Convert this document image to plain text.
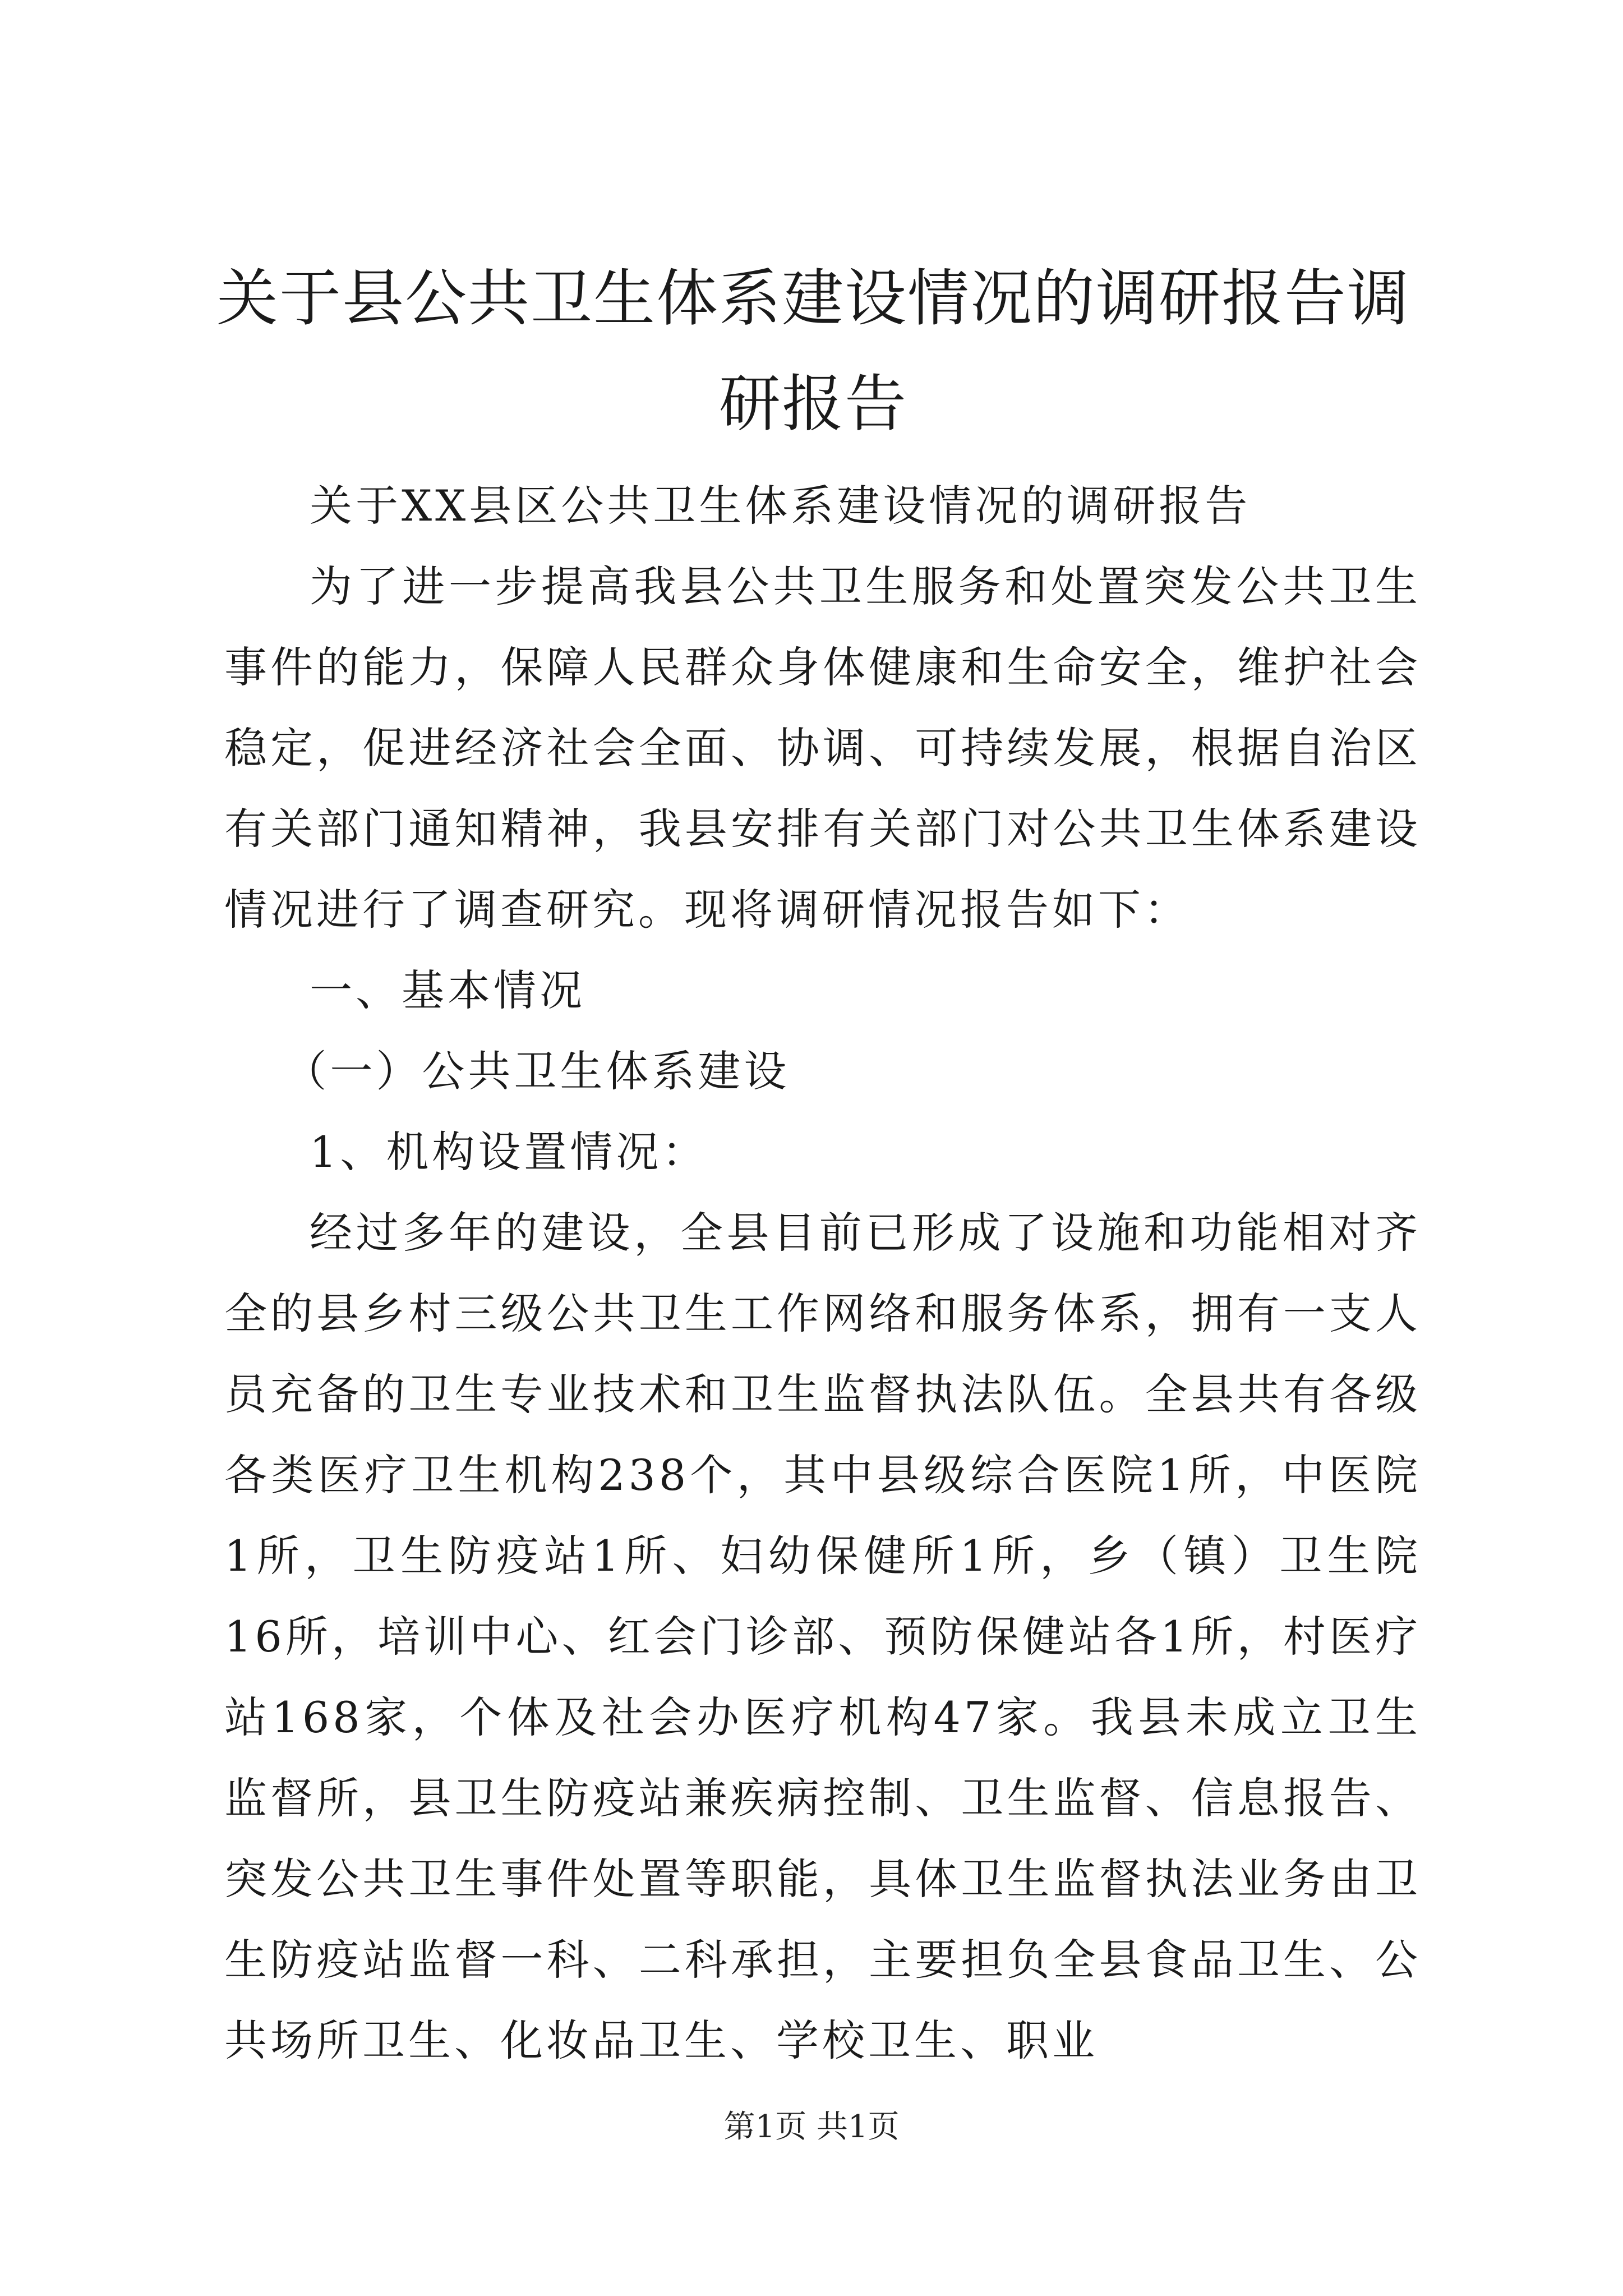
关于县公共卫生体系建设情况的调研报告调研报告

关于XX县区公共卫生体系建设情况的调研报告

为了进一步提高我县公共卫生服务和处置突发公共卫生事件的能力，保障人民群众身体健康和生命安全，维护社会稳定，促进经济社会全面、协调、可持续发展，根据自治区有关部门通知精神，我县安排有关部门对公共卫生体系建设情况进行了调查研究。现将调研情况报告如下：

一、基本情况

（一）公共卫生体系建设

1、机构设置情况：

经过多年的建设，全县目前已形成了设施和功能相对齐全的县乡村三级公共卫生工作网络和服务体系，拥有一支人员充备的卫生专业技术和卫生监督执法队伍。全县共有各级各类医疗卫生机构238个，其中县级综合医院1所，中医院1所，卫生防疫站1所、妇幼保健所1所，乡（镇）卫生院16所，培训中心、红会门诊部、预防保健站各1所，村医疗站168家，个体及社会办医疗机构47家。我县未成立卫生监督所，县卫生防疫站兼疾病控制、卫生监督、信息报告、突发公共卫生事件处置等职能，具体卫生监督执法业务由卫生防疫站监督一科、二科承担，主要担负全县食品卫生、公共场所卫生、化妆品卫生、学校卫生、职业

第1页 共1页
